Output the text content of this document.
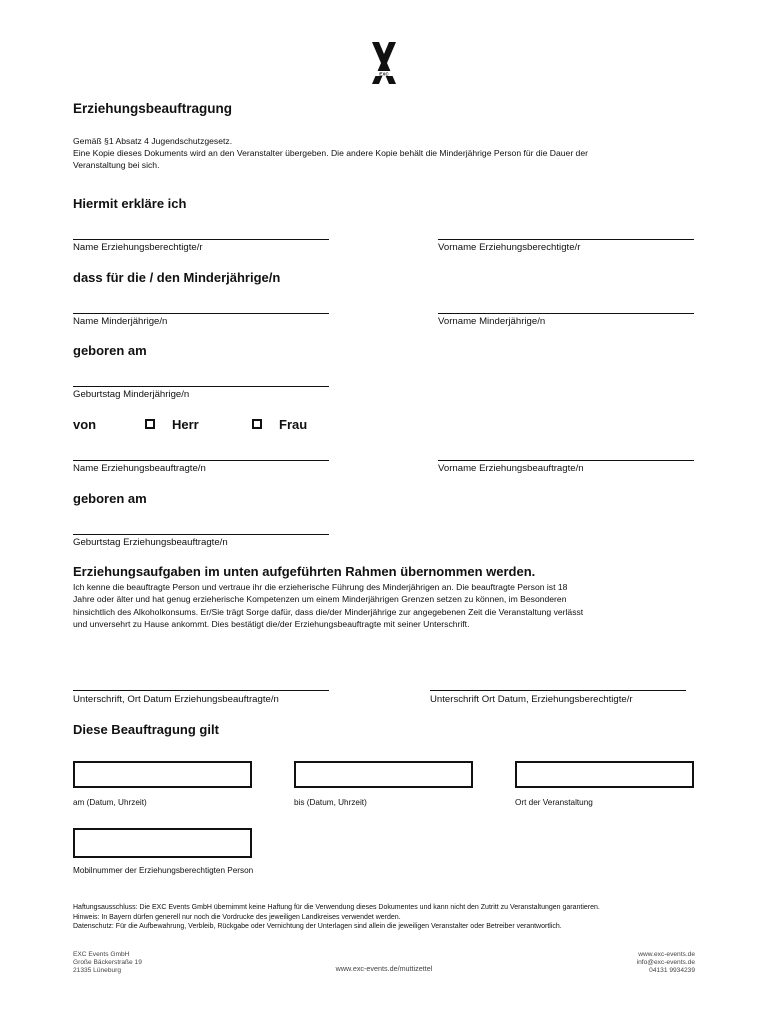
EXC
Erziehungsbeauftragung
Gemäß §1 Absatz 4 Jugendschutzgesetz.
Eine Kopie dieses Dokuments wird an den Veranstalter übergeben. Die andere Kopie behält die Minderjährige Person für die Dauer der
Veranstaltung bei sich.
Hiermit erkläre ich
Name Erziehungsberechtigte/r	Vorname Erziehungsberechtigte/r
dass für die / den Minderjährige/n
Name Minderjährige/n	Vorname Minderjährige/n
geboren am
Geburtstag Minderjährige/n
von	Herr	Frau
Name Erziehungsbeauftragte/n	Vorname Erziehungsbeauftragte/n
geboren am
Geburtstag Erziehungsbeauftragte/n
Erziehungsaufgaben im unten aufgeführten Rahmen übernommen werden.
Ich kenne die beauftragte Person und vertraue ihr die erzieherische Führung des Minderjährigen an. Die beauftragte Person ist 18
Jahre oder älter und hat genug erzieherische Kompetenzen um einem Minderjährigen Grenzen setzen zu können, im Besonderen
hinsichtlich des Alkoholkonsums. Er/Sie trägt Sorge dafür, dass die/der Minderjährige zur angegebenen Zeit die Veranstaltung verlässt
und unversehrt zu Hause ankommt. Dies bestätigt die/der Erziehungsbeauftragte mit seiner Unterschrift.
Unterschrift, Ort Datum Erziehungsbeauftragte/n	Unterschrift Ort Datum, Erziehungsberechtigte/r
Diese Beauftragung gilt
am (Datum, Uhrzeit)	bis (Datum, Uhrzeit)	Ort der Veranstaltung
Mobilnummer der Erziehungsberechtigten Person
Haftungsausschluss: Die EXC Events GmbH übernimmt keine Haftung für die Verwendung dieses Dokumentes und kann nicht den Zutritt zu Veranstaltungen garantieren.
Hinweis: In Bayern dürfen generell nur noch die Vordrucke des jeweiligen Landkreises verwendet werden.
Datenschutz: Für die Aufbewahrung, Verbleib, Rückgabe oder Vernichtung der Unterlagen sind allein die jeweiligen Veranstalter oder Betreiber verantwortlich.
EXC Events GmbH
Große Bäckerstraße 19
21335 Lüneburg	www.exc-events.de/muttizettel
www.exc-events.de
info@exc-events.de
04131 9934239
